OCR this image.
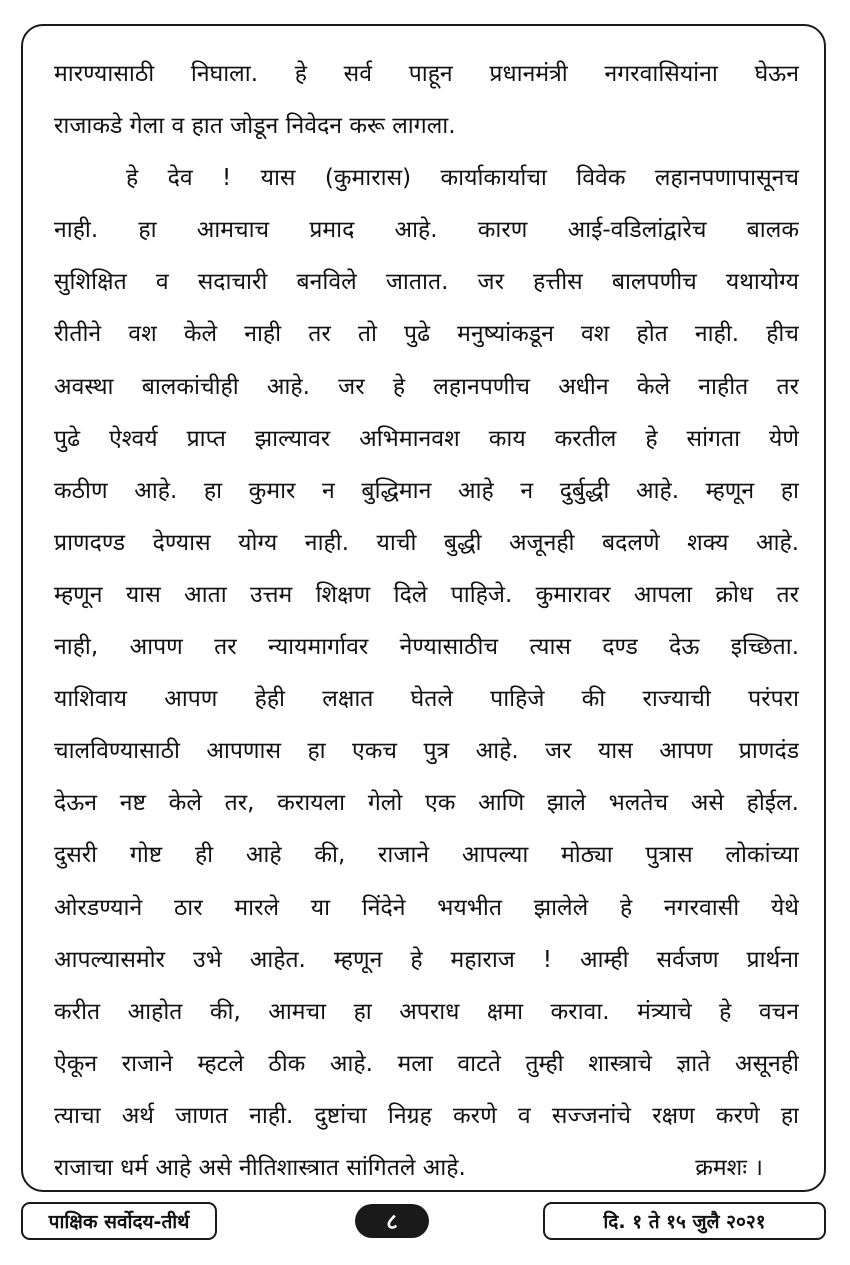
मारण्यासाठी निघाला. हे सर्व पाहून प्रधानमंत्री नगरवासियांना घेऊन
राजाकडे गेला व हात जोडून निवेदन करू लागला.
हे देव ! यास (कुमारास) कार्याकार्याचा विवेक लहानपणापासूनच
नाही. हा आमचाच प्रमाद आहे. कारण आई-वडिलांद्वारेच बालक
सुशिक्षित व सदाचारी बनविले जातात. जर हत्तीस बालपणीच यथायोग्य
रीतीने वश केले नाही तर तो पुढे मनुष्यांकडून वश होत नाही. हीच
अवस्था बालकांचीही आहे. जर हे लहानपणीच अधीन केले नाहीत तर
पुढे ऐश्वर्य प्राप्त झाल्यावर अभिमानवश काय करतील हे सांगता येणे
कठीण आहे. हा कुमार न बुद्धिमान आहे न दुर्बुद्धी आहे. म्हणून हा
प्राणदण्ड देण्यास योग्य नाही. याची बुद्धी अजूनही बदलणे शक्य आहे.
म्हणून यास आता उत्तम शिक्षण दिले पाहिजे. कुमारावर आपला क्रोध तर
नाही, आपण तर न्यायमार्गावर नेण्यासाठीच त्यास दण्ड देऊ इच्छिता.
याशिवाय आपण हेही लक्षात घेतले पाहिजे की राज्याची परंपरा
चालविण्यासाठी आपणास हा एकच पुत्र आहे. जर यास आपण प्राणदंड
देऊन नष्ट केले तर, करायला गेलो एक आणि झाले भलतेच असे होईल.
दुसरी गोष्ट ही आहे की, राजाने आपल्या मोठ्या पुत्रास लोकांच्या
ओरडण्याने ठार मारले या निंदेने भयभीत झालेले हे नगरवासी येथे
आपल्यासमोर उभे आहेत. म्हणून हे महाराज ! आम्ही सर्वजण प्रार्थना
करीत आहोत की, आमचा हा अपराध क्षमा करावा. मंत्र्याचे हे वचन
ऐकून राजाने म्हटले ठीक आहे. मला वाटते तुम्ही शास्त्राचे ज्ञाते असूनही
त्याचा अर्थ जाणत नाही. दुष्टांचा निग्रह करणे व सज्जनांचे रक्षण करणे हा
राजाचा धर्म आहे असे नीतिशास्त्रात सांगितले आहे.	क्रमशः ।
पाक्षिक सर्वोदय-तीर्थ	८	दि. १ ते १५ जुलै २०२१
